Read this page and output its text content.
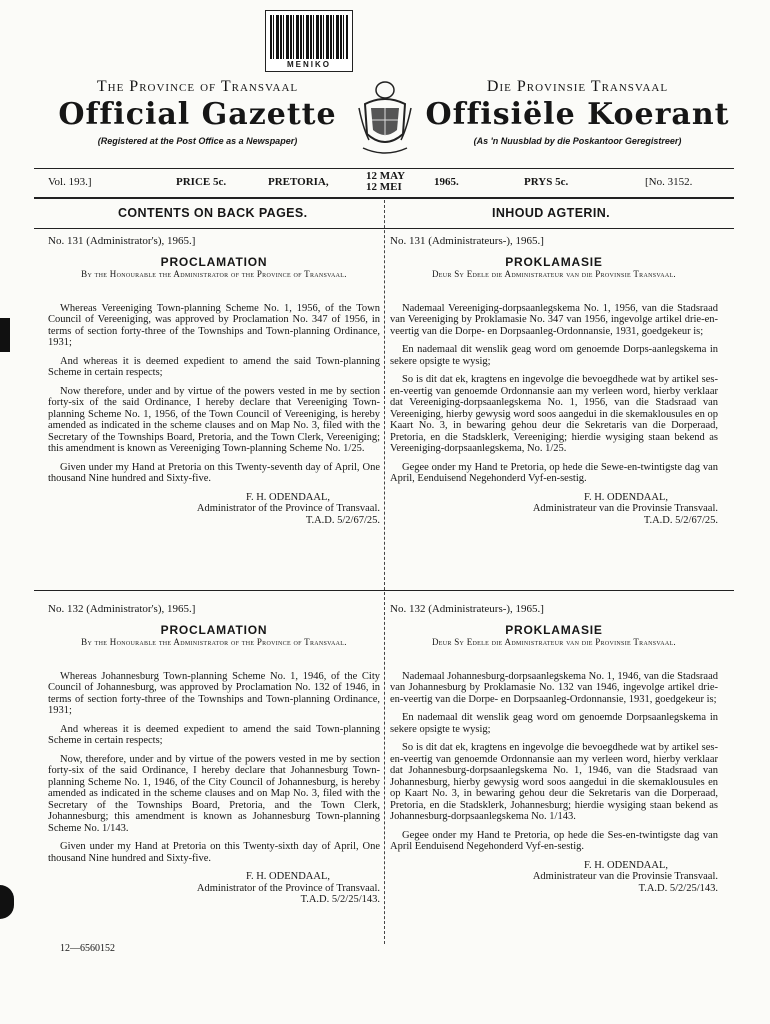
MENIKO
The Province of Transvaal
Official Gazette
(Registered at the Post Office as a Newspaper)
Die Provinsie Transvaal
Offisiële Koerant
(As 'n Nuusblad by die Poskantoor Geregistreer)
Vol. 193.]	PRICE 5c.	PRETORIA,	12 MAY
12 MEI	1965.	PRYS 5c.	[No. 3152.
CONTENTS ON BACK PAGES.	INHOUD AGTERIN.

No. 131 (Administrator's), 1965.]

PROCLAMATION
By the Honourable the Administrator of the Province of Transvaal.

Whereas Vereeniging Town-planning Scheme No. 1, 1956, of the Town Council of Vereeniging, was approved by Proclamation No. 347 of 1956, in terms of section forty-three of the Townships and Town-planning Ordinance, 1931;

And whereas it is deemed expedient to amend the said Town-planning Scheme in certain respects;

Now therefore, under and by virtue of the powers vested in me by section forty-six of the said Ordinance, I hereby declare that Vereeniging Town-planning Scheme No. 1, 1956, of the Town Council of Vereeniging, is hereby amended as indicated in the scheme clauses and on Map No. 3, filed with the Secretary of the Townships Board, Pretoria, and the Town Clerk, Vereeniging; this amendment is known as Vereeniging Town-planning Scheme No. 1/25.

Given under my Hand at Pretoria on this Twenty-seventh day of April, One thousand Nine hundred and Sixty-five.

F. H. ODENDAAL,
Administrator of the Province of Transvaal.
T.A.D. 5/2/67/25.

No. 131 (Administrateurs-), 1965.]

PROKLAMASIE
Deur Sy Edele die Administrateur van die Provinsie Transvaal.

Nademaal Vereeniging-dorpsaanlegskema No. 1, 1956, van die Stadsraad van Vereeniging by Proklamasie No. 347 van 1956, ingevolge artikel drie-en-veertig van die Dorpe- en Dorpsaanleg-Ordonnansie, 1931, goedgekeur is;

En nademaal dit wenslik geag word om genoemde Dorps-aanlegskema in sekere opsigte te wysig;

So is dit dat ek, kragtens en ingevolge die bevoegdhede wat by artikel ses-en-veertig van genoemde Ordonnansie aan my verleen word, hierby verklaar dat Vereeniging-dorpsaanlegskema No. 1, 1956, van die Stadsraad van Vereeniging, hierby gewysig word soos aangedui in die skemaklousules en op Kaart No. 3, in bewaring gehou deur die Sekretaris van die Dorperaad, Pretoria, en die Stadsklerk, Vereeniging; hierdie wysiging staan bekend as Vereeniging-dorpsaanlegskema, No. 1/25.

Gegee onder my Hand te Pretoria, op hede die Sewe-en-twintigste dag van April, Eenduisend Negehonderd Vyf-en-sestig.

F. H. ODENDAAL,
Administrateur van die Provinsie Transvaal.
T.A.D. 5/2/67/25.

No. 132 (Administrator's), 1965.]

PROCLAMATION
By the Honourable the Administrator of the Province of Transvaal.

Whereas Johannesburg Town-planning Scheme No. 1, 1946, of the City Council of Johannesburg, was approved by Proclamation No. 132 of 1946, in terms of section forty-three of the Townships and Town-planning Ordinance, 1931;

And whereas it is deemed expedient to amend the said Town-planning Scheme in certain respects;

Now, therefore, under and by virtue of the powers vested in me by section forty-six of the said Ordinance, I hereby declare that Johannesburg Town-planning Scheme No. 1, 1946, of the City Council of Johannesburg, is hereby amended as indicated in the scheme clauses and on Map No. 3, filed with the Secretary of the Townships Board, Pretoria, and the Town Clerk, Johannesburg; this amendment is known as Johannesburg Town-planning Scheme No. 1/143.

Given under my Hand at Pretoria on this Twenty-sixth day of April, One thousand Nine hundred and Sixty-five.

F. H. ODENDAAL,
Administrator of the Province of Transvaal.
T.A.D. 5/2/25/143.

No. 132 (Administrateurs-), 1965.]

PROKLAMASIE
Deur Sy Edele die Administrateur van die Provinsie Transvaal.

Nademaal Johannesburg-dorpsaanlegskema No. 1, 1946, van die Stadsraad van Johannesburg by Proklamasie No. 132 van 1946, ingevolge artikel drie-en-veertig van die Dorpe- en Dorpsaanleg-Ordonnansie, 1931, goedgekeur is;

En nademaal dit wenslik geag word om genoemde Dorpsaanlegskema in sekere opsigte te wysig;

So is dit dat ek, kragtens en ingevolge die bevoegdhede wat by artikel ses-en-veertig van genoemde Ordonnansie aan my verleen word, hierby verklaar dat Johannesburg-dorpsaanlegskema No. 1, 1946, van die Stadsraad van Johannesburg, hierby gewysig word soos aangedui in die skemaklousules en op Kaart No. 3, in bewaring gehou deur die Sekretaris van die Dorperaad, Pretoria, en die Stadsklerk, Johannesburg; hierdie wysiging staan bekend as Johannesburg-dorpsaanlegskema No. 1/143.

Gegee onder my Hand te Pretoria, op hede die Ses-en-twintigste dag van April Eenduisend Negehonderd Vyf-en-sestig.

F. H. ODENDAAL,
Administrateur van die Provinsie Transvaal.
T.A.D. 5/2/25/143.
12—6560152
